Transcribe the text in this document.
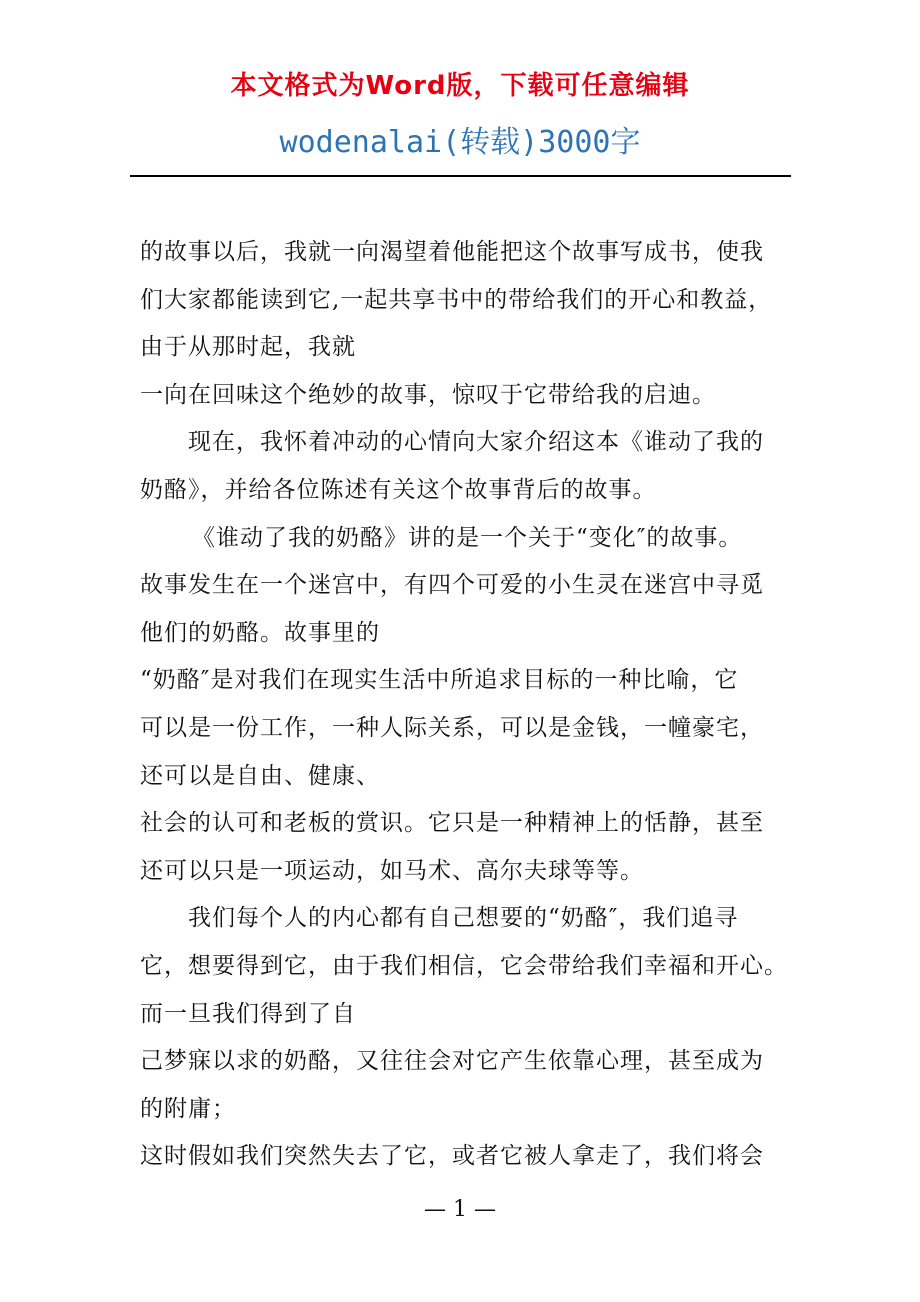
本文格式为Word版，下载可任意编辑
wodenalai(转载)3000字
的故事以后，我就一向渴望着他能把这个故事写成书，使我
们大家都能读到它,一起共享书中的带给我们的开心和教益，
由于从那时起，我就
一向在回味这个绝妙的故事，惊叹于它带给我的启迪。
现在，我怀着冲动的心情向大家介绍这本《谁动了我的
奶酪》，并给各位陈述有关这个故事背后的故事。
《谁动了我的奶酪》讲的是一个关于“变化″的故事。
故事发生在一个迷宫中，有四个可爱的小生灵在迷宫中寻觅
他们的奶酪。故事里的
“奶酪″是对我们在现实生活中所追求目标的一种比喻，它
可以是一份工作，一种人际关系，可以是金钱，一幢豪宅，
还可以是自由、健康、
社会的认可和老板的赏识。它只是一种精神上的恬静，甚至
还可以只是一项运动，如马术、高尔夫球等等。
我们每个人的内心都有自己想要的“奶酪″，我们追寻
它，想要得到它，由于我们相信，它会带给我们幸福和开心。
而一旦我们得到了自
己梦寐以求的奶酪，又往往会对它产生依靠心理，甚至成为
的附庸；
这时假如我们突然失去了它，或者它被人拿走了，我们将会
— 1 —
